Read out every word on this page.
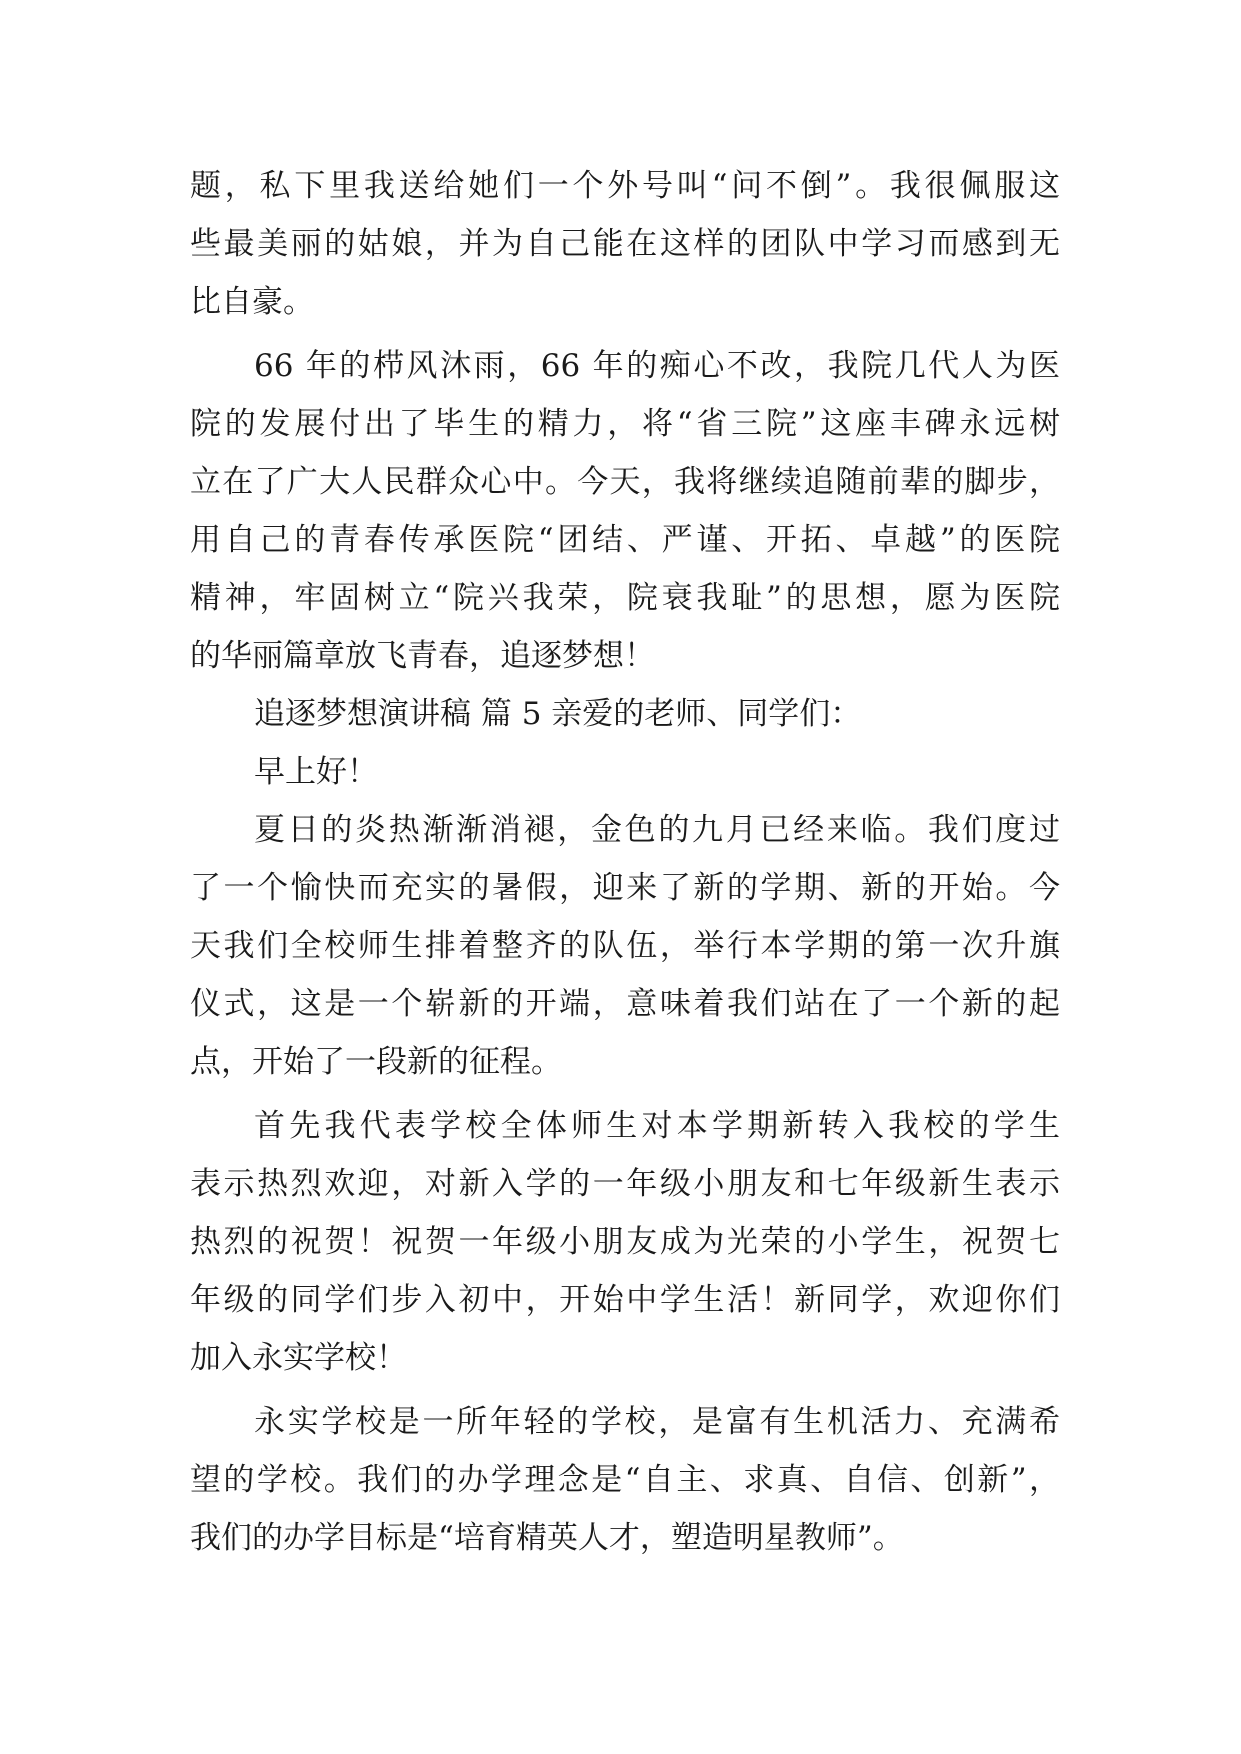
题，私下里我送给她们一个外号叫“问不倒”。我很佩服这
些最美丽的姑娘，并为自己能在这样的团队中学习而感到无
比自豪。
66 年的栉风沐雨，66 年的痴心不改，我院几代人为医
院的发展付出了毕生的精力，将“省三院”这座丰碑永远树
立在了广大人民群众心中。今天，我将继续追随前辈的脚步，
用自己的青春传承医院“团结、严谨、开拓、卓越”的医院
精神，牢固树立“院兴我荣，院衰我耻”的思想，愿为医院
的华丽篇章放飞青春，追逐梦想！
追逐梦想演讲稿 篇 5 亲爱的老师、同学们：
早上好！
夏日的炎热渐渐消褪，金色的九月已经来临。我们度过
了一个愉快而充实的暑假，迎来了新的学期、新的开始。今
天我们全校师生排着整齐的队伍，举行本学期的第一次升旗
仪式，这是一个崭新的开端，意味着我们站在了一个新的起
点，开始了一段新的征程。
首先我代表学校全体师生对本学期新转入我校的学生
表示热烈欢迎，对新入学的一年级小朋友和七年级新生表示
热烈的祝贺！祝贺一年级小朋友成为光荣的小学生，祝贺七
年级的同学们步入初中，开始中学生活！新同学，欢迎你们
加入永实学校！
永实学校是一所年轻的学校，是富有生机活力、充满希
望的学校。我们的办学理念是“自主、求真、自信、创新”，
我们的办学目标是“培育精英人才，塑造明星教师”。
